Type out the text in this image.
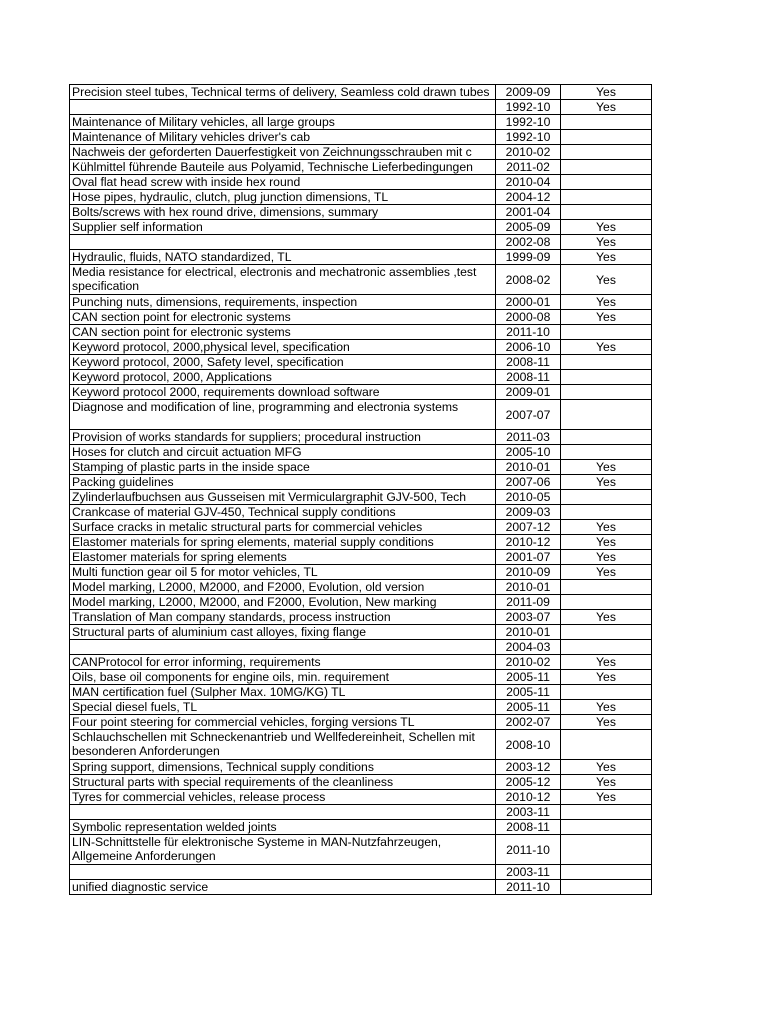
Precision steel tubes, Technical terms of delivery, Seamless cold drawn tubes	2009-09	Yes
	1992-10	Yes
Maintenance of Military vehicles, all large groups	1992-10	
Maintenance of Military vehicles driver's cab	1992-10	
Nachweis der geforderten Dauerfestigkeit von Zeichnungsschrauben mit c	2010-02	
Kühlmittel führende Bauteile aus Polyamid, Technische Lieferbedingungen	2011-02	
Oval flat head screw with inside hex round	2010-04	
Hose pipes, hydraulic, clutch, plug junction dimensions, TL	2004-12	
Bolts/screws with hex round drive, dimensions, summary	2001-04	
Supplier self information	2005-09	Yes
	2002-08	Yes
Hydraulic, fluids, NATO standardized, TL	1999-09	Yes
Media resistance for electrical, electronis and mechatronic assemblies ,test specification	2008-02	Yes
Punching nuts, dimensions, requirements, inspection	2000-01	Yes
CAN section point for electronic systems	2000-08	Yes
CAN section point for electronic systems	2011-10	
Keyword protocol, 2000,physical level, specification	2006-10	Yes
Keyword protocol, 2000, Safety level, specification	2008-11	
Keyword protocol, 2000, Applications	2008-11	
Keyword protocol 2000, requirements download software	2009-01	
Diagnose and modification of line, programming and electronia systems	2007-07	
Provision of works standards for suppliers; procedural instruction	2011-03	
Hoses for clutch and circuit actuation MFG	2005-10	
Stamping of plastic parts in the inside space	2010-01	Yes
Packing guidelines	2007-06	Yes
Zylinderlaufbuchsen aus Gusseisen mit Vermiculargraphit GJV-500, Tech	2010-05	
Crankcase of material GJV-450, Technical supply conditions	2009-03	
Surface cracks in metalic structural parts for commercial vehicles	2007-12	Yes
Elastomer materials for spring elements, material supply conditions	2010-12	Yes
Elastomer materials for spring elements	2001-07	Yes
Multi function gear oil 5 for motor vehicles, TL	2010-09	Yes
Model marking, L2000, M2000, and F2000, Evolution, old version	2010-01	
Model marking, L2000, M2000, and F2000, Evolution, New marking	2011-09	
Translation of Man company standards, process instruction	2003-07	Yes
Structural parts of aluminium cast alloyes, fixing flange	2010-01	
	2004-03	
CANProtocol for error informing, requirements	2010-02	Yes
Oils, base oil components for engine oils, min. requirement	2005-11	Yes
MAN certification fuel (Sulpher Max. 10MG/KG) TL	2005-11	
Special diesel fuels, TL	2005-11	Yes
Four point steering for commercial vehicles, forging versions TL	2002-07	Yes
Schlauchschellen mit Schneckenantrieb und Wellfedereinheit, Schellen mit besonderen Anforderungen	2008-10	
Spring support, dimensions, Technical supply conditions	2003-12	Yes
Structural parts with special requirements of the cleanliness	2005-12	Yes
Tyres for commercial vehicles, release process	2010-12	Yes
	2003-11	
Symbolic representation welded joints	2008-11	
LIN-Schnittstelle für elektronische Systeme in MAN-Nutzfahrzeugen, Allgemeine Anforderungen	2011-10	
	2003-11	
unified diagnostic service	2011-10	
